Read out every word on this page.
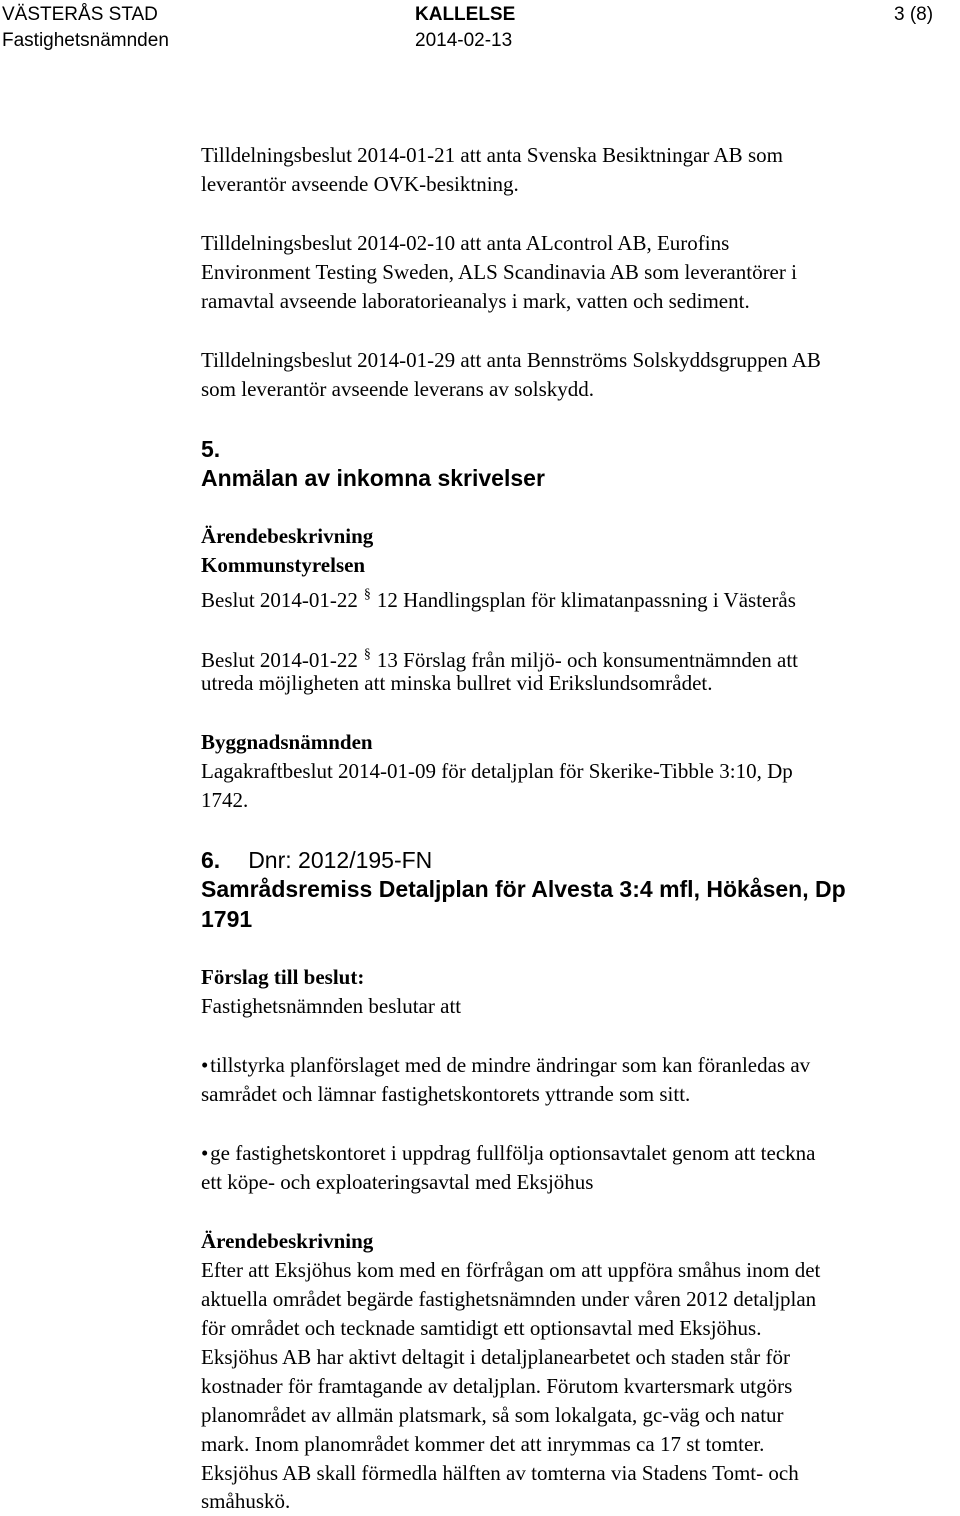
VÄSTERÅS STAD
Fastighetsnämnden
KALLELSE
2014-02-13
3 (8)
Tilldelningsbeslut 2014-01-21 att anta Svenska Besiktningar AB som
leverantör avseende OVK-besiktning.
Tilldelningsbeslut 2014-02-10 att anta ALcontrol AB, Eurofins
Environment Testing Sweden, ALS Scandinavia AB som leverantörer i
ramavtal avseende laboratorieanalys i mark, vatten och sediment.
Tilldelningsbeslut 2014-01-29 att anta Bennströms Solskyddsgruppen AB
som leverantör avseende leverans av solskydd.
5.
Anmälan av inkomna skrivelser
Ärendebeskrivning
Kommunstyrelsen
Beslut 2014-01-22 § 12 Handlingsplan för klimatanpassning i Västerås
Beslut 2014-01-22 § 13 Förslag från miljö- och konsumentnämnden att
utreda möjligheten att minska bullret vid Erikslundsområdet.
Byggnadsnämnden
Lagakraftbeslut 2014-01-09 för detaljplan för Skerike-Tibble 3:10, Dp
1742.
6. Dnr: 2012/195-FN
Samrådsremiss Detaljplan för Alvesta 3:4 mfl, Hökåsen, Dp
1791
Förslag till beslut:
Fastighetsnämnden beslutar att
• tillstyrka planförslaget med de mindre ändringar som kan föranledas av
samrådet och lämnar fastighetskontorets yttrande som sitt.
• ge fastighetskontoret i uppdrag fullfölja optionsavtalet genom att teckna
ett köpe- och exploateringsavtal med Eksjöhus
Ärendebeskrivning
Efter att Eksjöhus kom med en förfrågan om att uppföra småhus inom det
aktuella området begärde fastighetsnämnden under våren 2012 detaljplan
för området och tecknade samtidigt ett optionsavtal med Eksjöhus.
Eksjöhus AB har aktivt deltagit i detaljplanearbetet och staden står för
kostnader för framtagande av detaljplan. Förutom kvartersmark utgörs
planområdet av allmän platsmark, så som lokalgata, gc-väg och natur
mark. Inom planområdet kommer det att inrymmas ca 17 st tomter.
Eksjöhus AB skall förmedla hälften av tomterna via Stadens Tomt- och
småhuskö.
